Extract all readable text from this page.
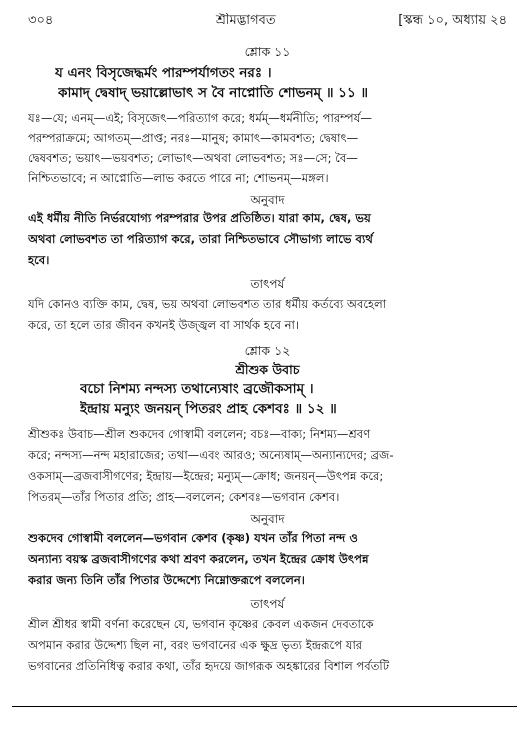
৩০৪	শ্রীমদ্ভাগবত	[স্কন্ধ ১০, অধ্যায় ২৪

শ্লোক ১১

য এনং বিসৃজেদ্ধর্মং পারম্পর্যাগতং নরঃ ।

কামাদ্ দ্বেষাদ্ ভয়াল্লোভাৎ স বৈ নাপ্নোতি শোভনম্ ॥ ১১ ॥

যঃ—যে; এনম্—এই; বিসৃজেৎ—পরিত্যাগ করে; ধর্মম্—ধর্মনীতি; পারম্পর্য—

পরম্পরাক্রমে; আগতম্—প্রাপ্ত; নরঃ—মানুষ; কামাৎ—কামবশত; দ্বেষাৎ—

দ্বেষবশত; ভয়াৎ—ভয়বশত; লোভাৎ—অথবা লোভবশত; সঃ—সে; বৈ—

নিশ্চিতভাবে; ন আপ্নোতি—লাভ করতে পারে না; শোভনম্—মঙ্গল।

অনুবাদ

এই ধর্মীয় নীতি নির্ভরযোগ্য পরম্পরার উপর প্রতিষ্ঠিত। যারা কাম, দ্বেষ, ভয়

অথবা লোভবশত তা পরিত্যাগ করে, তারা নিশ্চিতভাবে সৌভাগ্য লাভে ব্যর্থ

হবে।

তাৎপর্য

যদি কোনও ব্যক্তি কাম, দ্বেষ, ভয় অথবা লোভবশত তার ধর্মীয় কর্তব্যে অবহেলা

করে, তা হলে তার জীবন কখনই উজ্জ্বল বা সার্থক হবে না।

শ্লোক ১২

শ্রীশুক উবাচ

বচো নিশম্য নন্দস্য তথান্যেষাং ব্রজৌকসাম্ ।

ইন্দ্রায় মন্যুং জনয়ন্ পিতরং প্রাহ কেশবঃ ॥ ১২ ॥

শ্রীশুকঃ উবাচ—শ্রীল শুকদেব গোস্বামী বললেন; বচঃ—বাক্য; নিশম্য—শ্রবণ

করে; নন্দস্য—নন্দ মহারাজের; তথা—এবং আরও; অন্যেষাম্—অন্যান্যদের; ব্রজ-

ওকসাম্—ব্রজবাসীগণের; ইন্দ্রায়—ইন্দ্রের; মন্যুম্—ক্রোধ; জনয়ন্—উৎপন্ন করে;

পিতরম্—তাঁর পিতার প্রতি; প্রাহ—বললেন; কেশবঃ—ভগবান কেশব।

অনুবাদ

শুকদেব গোস্বামী বললেন—ভগবান কেশব (কৃষ্ণ) যখন তাঁর পিতা নন্দ ও

অন্যান্য বয়স্ক ব্রজবাসীগণের কথা শ্রবণ করলেন, তখন ইন্দ্রের ক্রোধ উৎপন্ন

করার জন্য তিনি তাঁর পিতার উদ্দেশ্যে নিম্নোক্তরূপে বললেন।

তাৎপর্য

শ্রীল শ্রীধর স্বামী বর্ণনা করেছেন যে, ভগবান কৃষ্ণের কেবল একজন দেবতাকে

অপমান করার উদ্দেশ্য ছিল না, বরং ভগবানের এক ক্ষুদ্র ভৃত্য ইন্দ্ররূপে যার

ভগবানের প্রতিনিধিত্ব করার কথা, তাঁর হৃদয়ে জাগরূক অহঙ্কারের বিশাল পর্বতটি
